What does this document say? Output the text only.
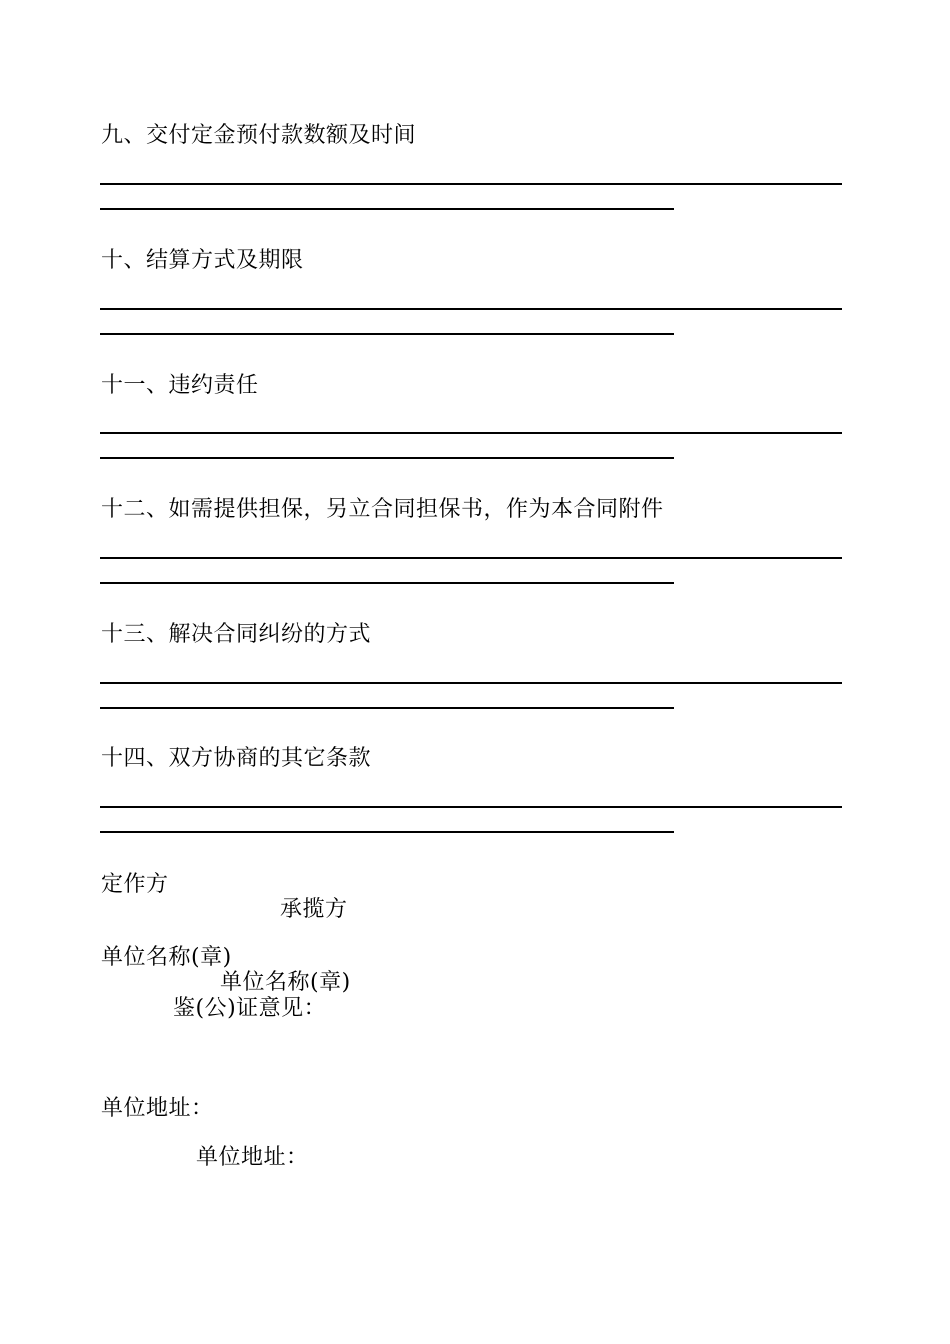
九、交付定金预付款数额及时间
十、结算方式及期限
十一、违约责任
十二、如需提供担保，另立合同担保书，作为本合同附件
十三、解决合同纠纷的方式
十四、双方协商的其它条款
定作方
承揽方
单位名称(章)
单位名称(章)
鉴(公)证意见：
单位地址：
单位地址：
